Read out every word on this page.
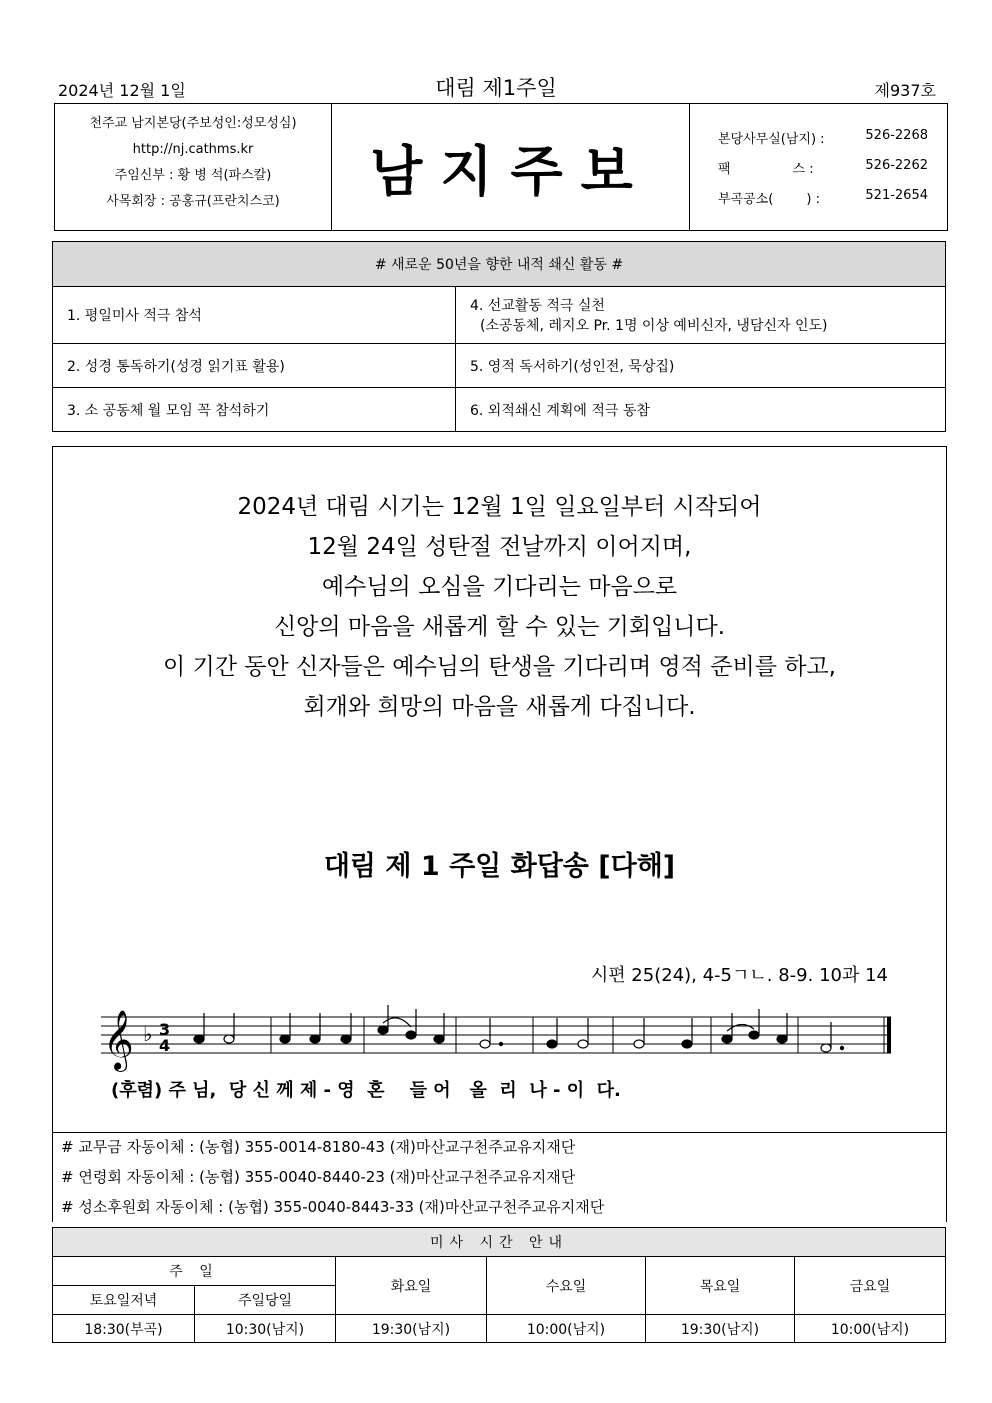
2024년 12월 1일	대림 제1주일	제937호
천주교 남지본당(주보성인:성모성심)
http://nj.cathms.kr
주임신부 : 황 병 석(파스칼)
사목회장 : 공홍규(프란치스코)	남지주보	본당사무실(남지) :	526-2268
팩               스 :	526-2262
부곡공소(        ) :	521-2654
# 새로운 50년을 향한 내적 쇄신 활동 #	
1. 평일미사 적극 참석	4. 선교활동 적극 실천
(소공동체, 레지오 Pr. 1명 이상 예비신자, 냉담신자 인도)

2. 성경 통독하기(성경 읽기표 활용)	5. 영적 독서하기(성인전, 묵상집)
3. 소 공동체 월 모임 꼭 참석하기	6. 외적쇄신 계획에 적극 동참
2024년 대림 시기는 12월 1일 일요일부터 시작되어
12월 24일 성탄절 전날까지 이어지며,
예수님의 오심을 기다리는 마음으로
신앙의 마음을 새롭게 할 수 있는 기회입니다.
이 기간 동안 신자들은 예수님의 탄생을 기다리며 영적 준비를 하고,
회개와 희망의 마음을 새롭게 다집니다.
대림 제 1 주일 화답송 [다해]
시편 25(24), 4-5ㄱㄴ. 8-9. 10과 14
𝄞 ♭ 3
4
(후렴) 주 님,  당 신 께 제 - 영  혼    들 어   올  리  나 - 이  다.
# 교무금 자동이체 : (농협) 355-0014-8180-43 (재)마산교구천주교유지재단
# 연령회 자동이체 : (농협) 355-0040-8440-23 (재)마산교구천주교유지재단
# 성소후원회 자동이체 : (농협) 355-0040-8443-33 (재)마산교구천주교유지재단
미사 시간 안내					
주 일		화요일	수요일	목요일	금요일
토요일저녁	주일당일				
18:30(부곡)	10:30(남지)	19:30(남지)	10:00(남지)	19:30(남지)	10:00(남지)
